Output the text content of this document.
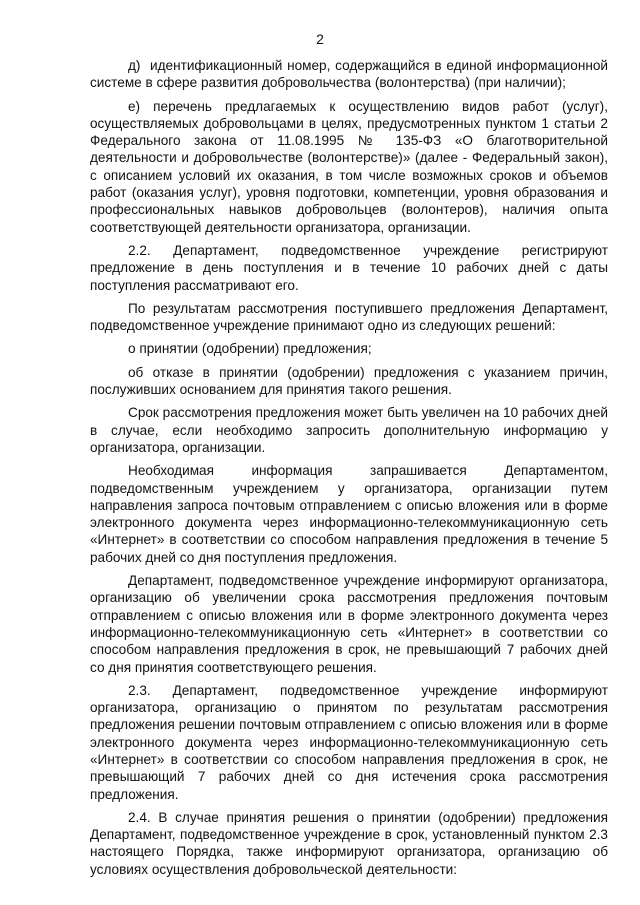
2

д)  идентификационный номер, содержащийся в единой информационной системе в сфере развития добровольчества (волонтерства) (при наличии);

е) перечень предлагаемых к осуществлению видов работ (услуг), осуществляемых добровольцами в целях, предусмотренных пунктом 1 статьи 2 Федерального закона от 11.08.1995 № 135-ФЗ «О благотворительной деятельности и добровольчестве (волонтерстве)» (далее - Федеральный закон), с описанием условий их оказания, в том числе возможных сроков и объемов работ (оказания услуг), уровня подготовки, компетенции, уровня образования и профессиональных навыков добровольцев (волонтеров), наличия опыта соответствующей деятельности организатора, организации.

2.2. Департамент, подведомственное учреждение регистрируют предложение в день поступления и в течение 10 рабочих дней с даты поступления рассматривают его.

По результатам рассмотрения поступившего предложения Департамент, подведомственное учреждение принимают одно из следующих решений:

о принятии (одобрении) предложения;

об отказе в принятии (одобрении) предложения с указанием причин, послуживших основанием для принятия такого решения.

Срок рассмотрения предложения может быть увеличен на 10 рабочих дней в случае, если необходимо запросить дополнительную информацию у организатора, организации.

Необходимая информация запрашивается Департаментом, подведомственным учреждением у организатора, организации путем направления запроса почтовым отправлением с описью вложения или в форме электронного документа через информационно-телекоммуникационную сеть «Интернет» в соответствии со способом направления предложения в течение 5 рабочих дней со дня поступления предложения.

Департамент, подведомственное учреждение информируют организатора, организацию об увеличении срока рассмотрения предложения почтовым отправлением с описью вложения или в форме электронного документа через информационно-телекоммуникационную сеть «Интернет» в соответствии со способом направления предложения в срок, не превышающий 7 рабочих дней со дня принятия соответствующего решения.

2.3. Департамент, подведомственное учреждение информируют организатора, организацию о принятом по результатам рассмотрения предложения решении почтовым отправлением с описью вложения или в форме электронного документа через информационно-телекоммуникационную сеть «Интернет» в соответствии со способом направления предложения в срок, не превышающий 7 рабочих дней со дня истечения срока рассмотрения предложения.

2.4. В случае принятия решения о принятии (одобрении) предложения Департамент, подведомственное учреждение в срок, установленный пунктом 2.3 настоящего Порядка, также информируют организатора, организацию об условиях осуществления добровольческой деятельности:
